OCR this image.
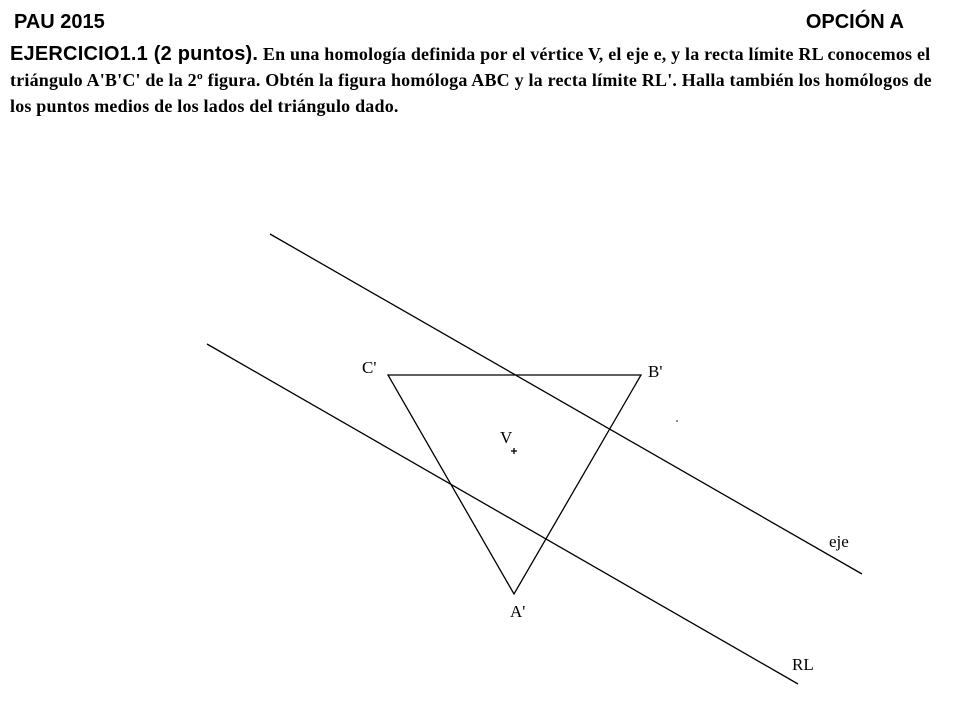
PAU 2015	OPCIÓN A

EJERCICIO1.1 (2 puntos). En una homología definida por el vértice V, el eje e, y la recta límite RL conocemos el triángulo A'B'C' de la 2º figura. Obtén la figura homóloga ABC y la recta límite RL'. Halla también los homólogos de los puntos medios de los lados del triángulo dado.

C'	B'
V
A'
eje
RL
